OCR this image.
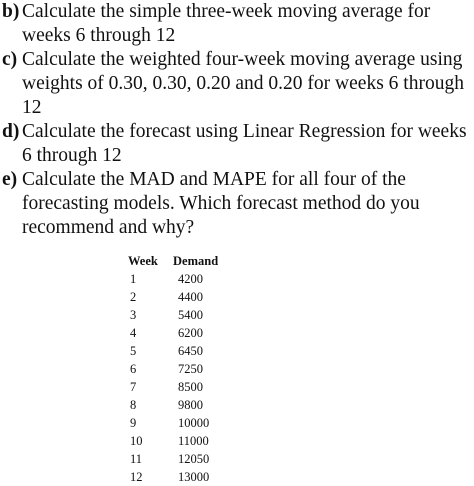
b) Calculate the simple three-week moving average for
weeks 6 through 12
c) Calculate the weighted four-week moving average using
weights of 0.30, 0.30, 0.20 and 0.20 for weeks 6 through
12
d) Calculate the forecast using Linear Regression for weeks
6 through 12
e) Calculate the MAD and MAPE for all four of the
forecasting models. Which forecast method do you
recommend and why?
Week	Demand
1	4200
2	4400
3	5400
4	6200
5	6450
6	7250
7	8500
8	9800
9	10000
10	11000
11	12050
12	13000
